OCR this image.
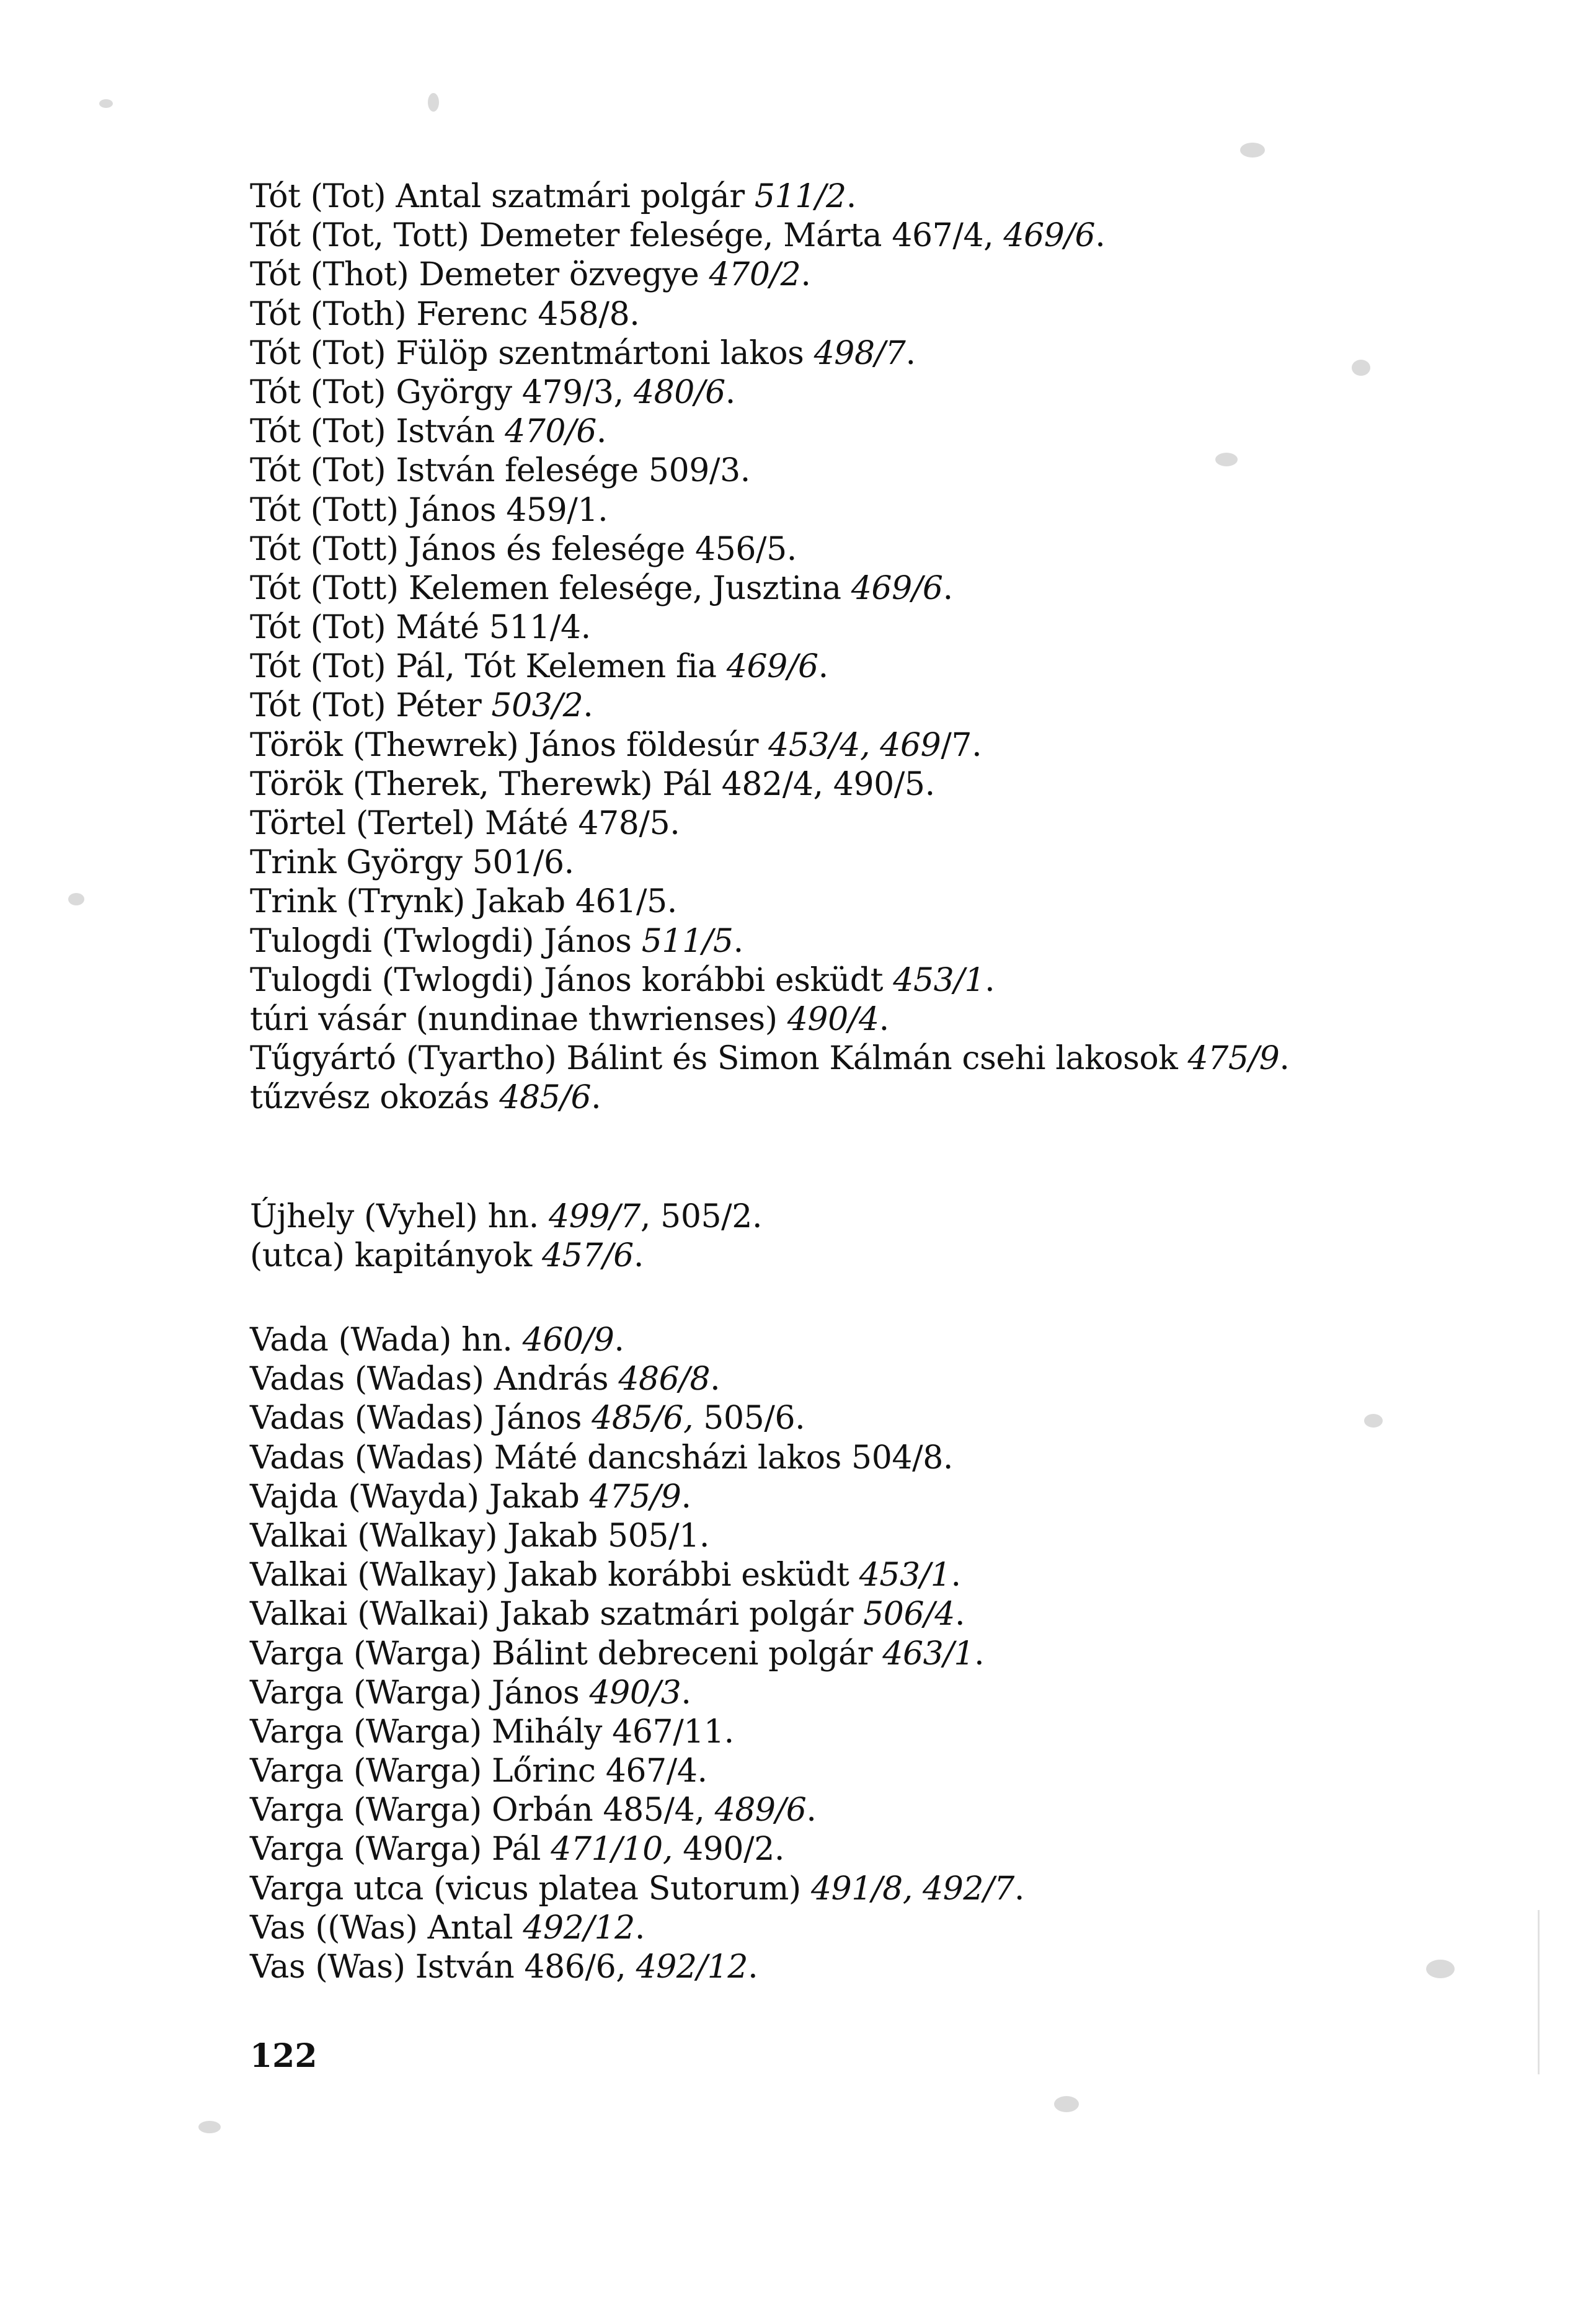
Tót (Tot) Antal szatmári polgár 511/2.
Tót (Tot, Tott) Demeter felesége, Márta 467/4, 469/6.
Tót (Thot) Demeter özvegye 470/2.
Tót (Toth) Ferenc 458/8.
Tót (Tot) Fülöp szentmártoni lakos 498/7.
Tót (Tot) György 479/3, 480/6.
Tót (Tot) István 470/6.
Tót (Tot) István felesége 509/3.
Tót (Tott) János 459/1.
Tót (Tott) János és felesége 456/5.
Tót (Tott) Kelemen felesége, Jusztina 469/6.
Tót (Tot) Máté 511/4.
Tót (Tot) Pál, Tót Kelemen fia 469/6.
Tót (Tot) Péter 503/2.
Török (Thewrek) János földesúr 453/4, 469/7.
Török (Therek, Therewk) Pál 482/4, 490/5.
Törtel (Tertel) Máté 478/5.
Trink György 501/6.
Trink (Trynk) Jakab 461/5.
Tulogdi (Twlogdi) János 511/5.
Tulogdi (Twlogdi) János korábbi esküdt 453/1.
túri vásár (nundinae thwrienses) 490/4.
Tűgyártó (Tyartho) Bálint és Simon Kálmán csehi lakosok 475/9.
tűzvész okozás 485/6.
Újhely (Vyhel) hn. 499/7, 505/2.
(utca) kapitányok 457/6.
Vada (Wada) hn. 460/9.
Vadas (Wadas) András 486/8.
Vadas (Wadas) János 485/6, 505/6.
Vadas (Wadas) Máté dancsházi lakos 504/8.
Vajda (Wayda) Jakab 475/9.
Valkai (Walkay) Jakab 505/1.
Valkai (Walkay) Jakab korábbi esküdt 453/1.
Valkai (Walkai) Jakab szatmári polgár 506/4.
Varga (Warga) Bálint debreceni polgár 463/1.
Varga (Warga) János 490/3.
Varga (Warga) Mihály 467/11.
Varga (Warga) Lőrinc 467/4.
Varga (Warga) Orbán 485/4, 489/6.
Varga (Warga) Pál 471/10, 490/2.
Varga utca (vicus platea Sutorum) 491/8, 492/7.
Vas ((Was) Antal 492/12.
Vas (Was) István 486/6, 492/12.
122
